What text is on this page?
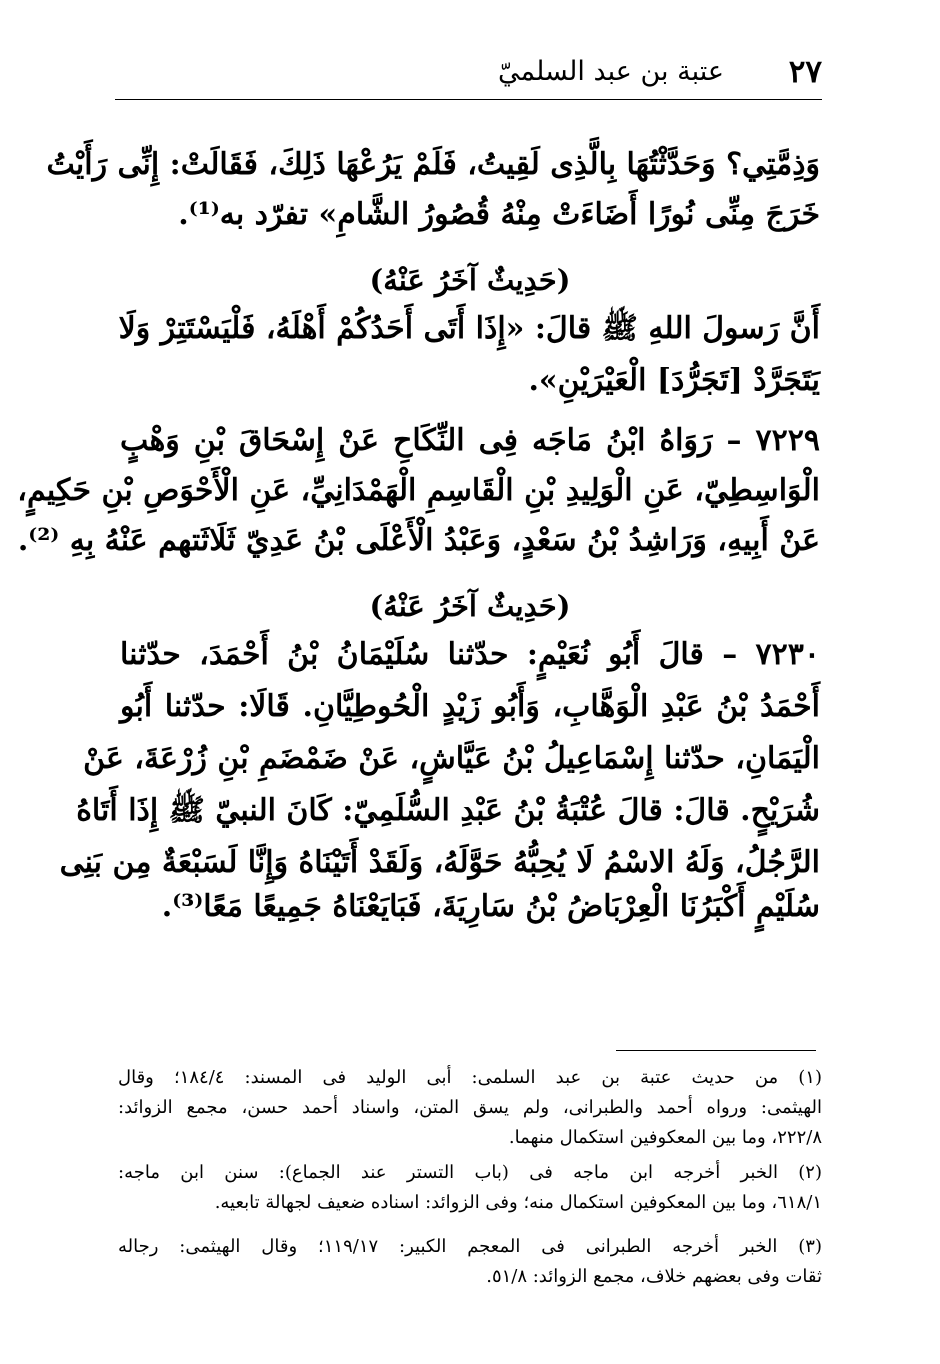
٢٧
عتبة بن عبد السلميّ
وَذِمَّتِي؟ وَحَدَّثْتُهَا بِالَّذِى لَقِيتُ، فَلَمْ يَرُعْهَا ذَلِكَ، فَقَالَتْ: إِنِّى رَأَيْتُ
خَرَجَ مِنِّى نُورًا أَضَاءَتْ مِنْهُ قُصُورُ الشَّامِ» تفرّد به⁽¹⁾.
(حَدِيثٌ آخَرُ عَنْهُ)
أَنَّ رَسولَ اللهِ ﷺ قالَ: «إِذَا أَتَى أَحَدُكُمْ أَهْلَهُ، فَلْيَسْتَتِرْ وَلَا
يَتَجَرَّدْ [تَجَرُّدَ] الْعَيْرَيْنِ».
٧٢٢٩ – رَوَاهُ ابْنُ مَاجَه فِى النِّكَاحِ عَنْ إِسْحَاقَ بْنِ وَهْبٍ
الْوَاسِطِيّ، عَنِ الْوَلِيدِ بْنِ الْقَاسِمِ الْهَمْدَانِيِّ، عَنِ الْأَحْوَصِ بْنِ حَكِيمٍ،
عَنْ أَبِيهِ، وَرَاشِدُ بْنُ سَعْدٍ، وَعَبْدُ الْأَعْلَى بْنُ عَدِيّ ثَلَاثَتهم عَنْهُ بِهِ ⁽²⁾.
(حَدِيثٌ آخَرُ عَنْهُ)
٧٢٣٠ – قالَ أَبُو نُعَيْمٍ: حدّثنا سُلَيْمَانُ بْنُ أَحْمَدَ، حدّثنا
أَحْمَدُ بْنُ عَبْدِ الْوَهَّابِ، وَأَبُو زَيْدٍ الْحُوطِيَّانِ. قَالَا: حدّثنا أَبُو
الْيَمَانِ، حدّثنا إِسْمَاعِيلُ بْنُ عَيَّاشٍ، عَنْ ضَمْضَمِ بْنِ زُرْعَةَ، عَنْ
شُرَيْحٍ. قالَ: قالَ عُتْبَةُ بْنُ عَبْدِ السُّلَمِيّ: كَانَ النبيّ ﷺ إِذَا أَتَاهُ
الرَّجُلُ، وَلَهُ الاسْمُ لَا يُحِبُّهُ حَوَّلَهُ، وَلَقَدْ أَتَيْنَاهُ وَإِنَّا لَسَبْعَةٌ مِن بَنِى
سُلَيْمٍ أَكْبَرُنَا الْعِرْبَاضُ بْنُ سَارِيَةَ، فَبَايَعْنَاهُ جَمِيعًا مَعًا⁽³⁾.
(١) من حديث عتبة بن عبد السلمى: أبى الوليد فى المسند: ١٨٤/٤؛ وقال
الهيثمى: ورواه أحمد والطبرانى، ولم يسق المتن، واسناد أحمد حسن، مجمع الزوائد:
٢٢٢/٨، وما بين المعكوفين استكمال منهما.
(٢) الخبر أخرجه ابن ماجه فى (باب التستر عند الجماع): سنن ابن ماجه:
٦١٨/١، وما بين المعكوفين استكمال منه؛ وفى الزوائد: اسناده ضعيف لجهالة تابعيه.
(٣) الخبر أخرجه الطبرانى فى المعجم الكبير: ١١٩/١٧؛ وقال الهيثمى: رجاله
ثقات وفى بعضهم خلاف، مجمع الزوائد: ٥١/٨.
